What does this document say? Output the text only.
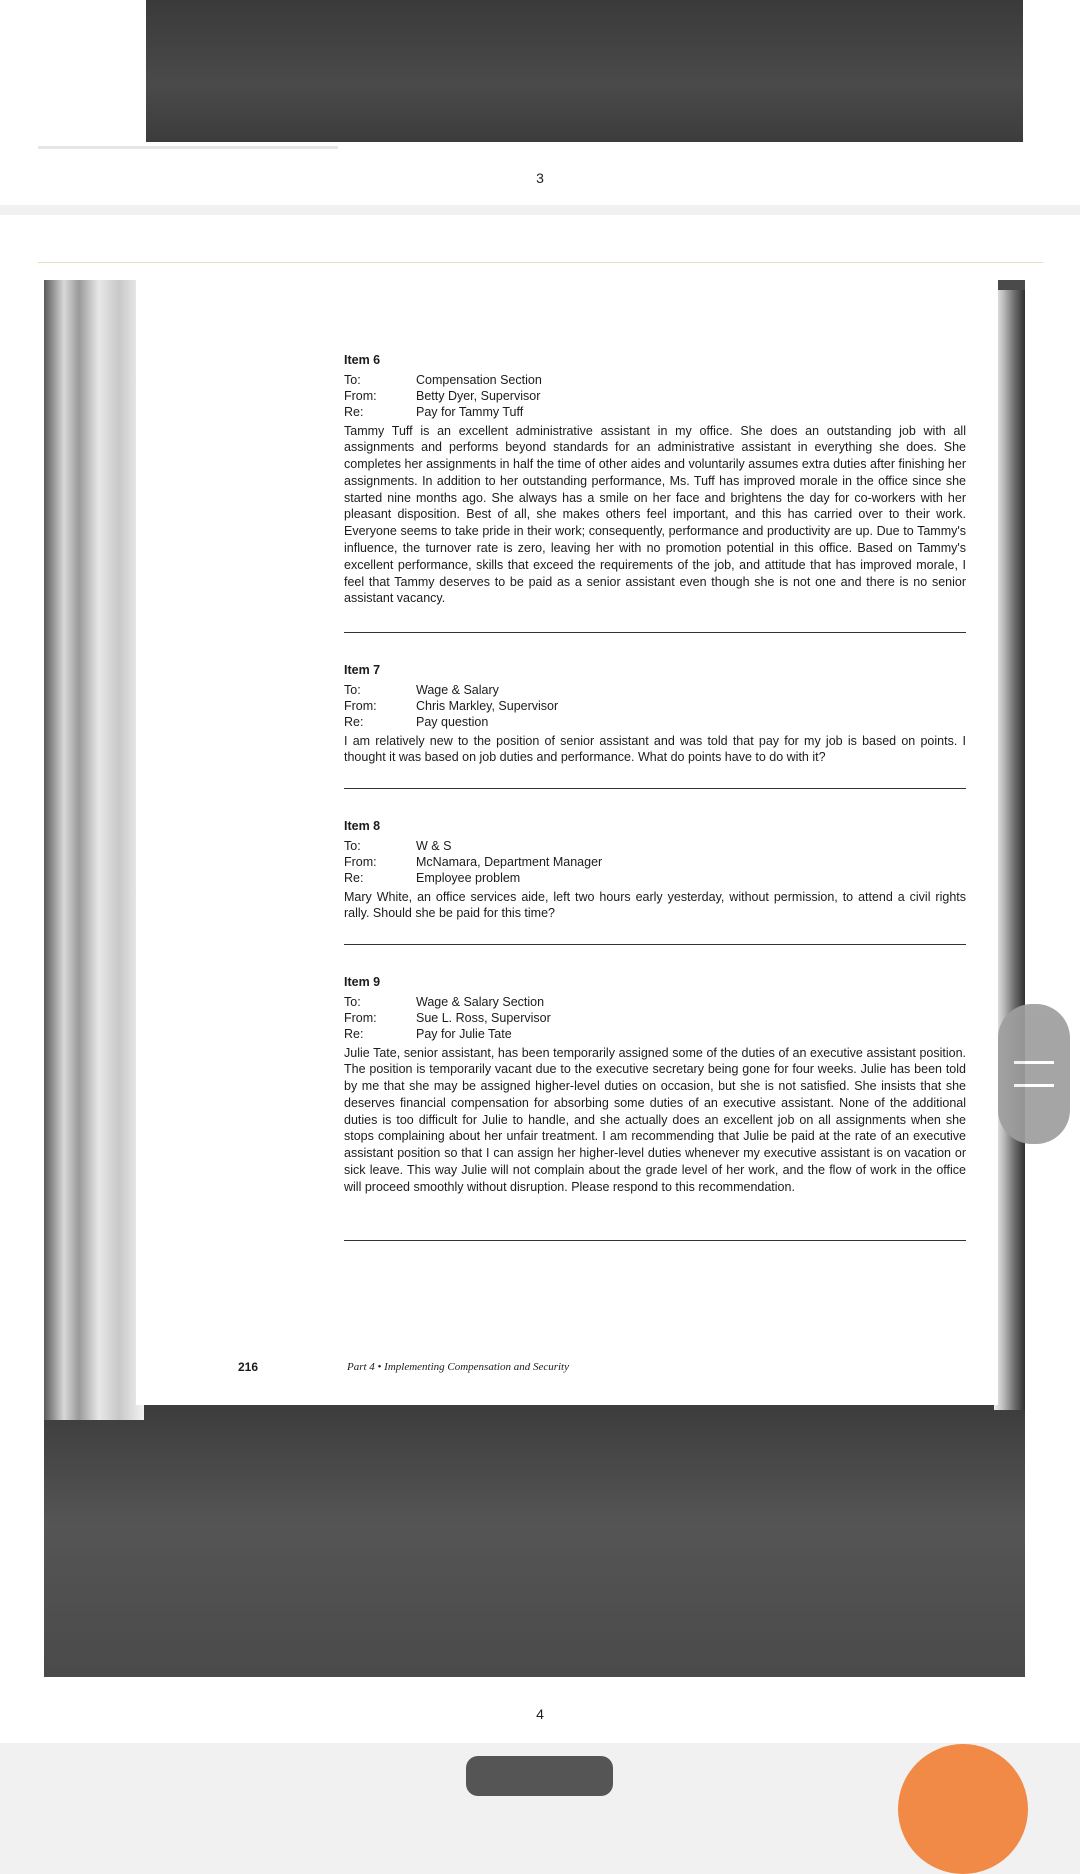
3
Item 6
To:	Compensation Section
From:	Betty Dyer, Supervisor
Re:	Pay for Tammy Tuff
Tammy Tuff is an excellent administrative assistant in my office. She does an outstanding job with all assignments and performs beyond standards for an administrative assistant in everything she does. She completes her assignments in half the time of other aides and voluntarily assumes extra duties after finishing her assignments. In addition to her outstanding performance, Ms. Tuff has improved morale in the office since she started nine months ago. She always has a smile on her face and brightens the day for co-workers with her pleasant disposition. Best of all, she makes others feel important, and this has carried over to their work. Everyone seems to take pride in their work; consequently, performance and productivity are up. Due to Tammy's influence, the turnover rate is zero, leaving her with no promotion potential in this office. Based on Tammy's excellent performance, skills that exceed the requirements of the job, and attitude that has improved morale, I feel that Tammy deserves to be paid as a senior assistant even though she is not one and there is no senior assistant vacancy.
Item 7
To:	Wage & Salary
From:	Chris Markley, Supervisor
Re:	Pay question
I am relatively new to the position of senior assistant and was told that pay for my job is based on points. I thought it was based on job duties and performance. What do points have to do with it?
Item 8
To:	W & S
From:	McNamara, Department Manager
Re:	Employee problem
Mary White, an office services aide, left two hours early yesterday, without permission, to attend a civil rights rally. Should she be paid for this time?
Item 9
To:	Wage & Salary Section
From:	Sue L. Ross, Supervisor
Re:	Pay for Julie Tate
Julie Tate, senior assistant, has been temporarily assigned some of the duties of an executive assistant position. The position is temporarily vacant due to the executive secretary being gone for four weeks. Julie has been told by me that she may be assigned higher-level duties on occasion, but she is not satisfied. She insists that she deserves financial compensation for absorbing some duties of an executive assistant. None of the additional duties is too difficult for Julie to handle, and she actually does an excellent job on all assignments when she stops complaining about her unfair treatment. I am recommending that Julie be paid at the rate of an executive assistant position so that I can assign her higher-level duties whenever my executive assistant is on vacation or sick leave. This way Julie will not complain about the grade level of her work, and the flow of work in the office will proceed smoothly without disruption. Please respond to this recommendation.
216	Part 4 • Implementing Compensation and Security
4
